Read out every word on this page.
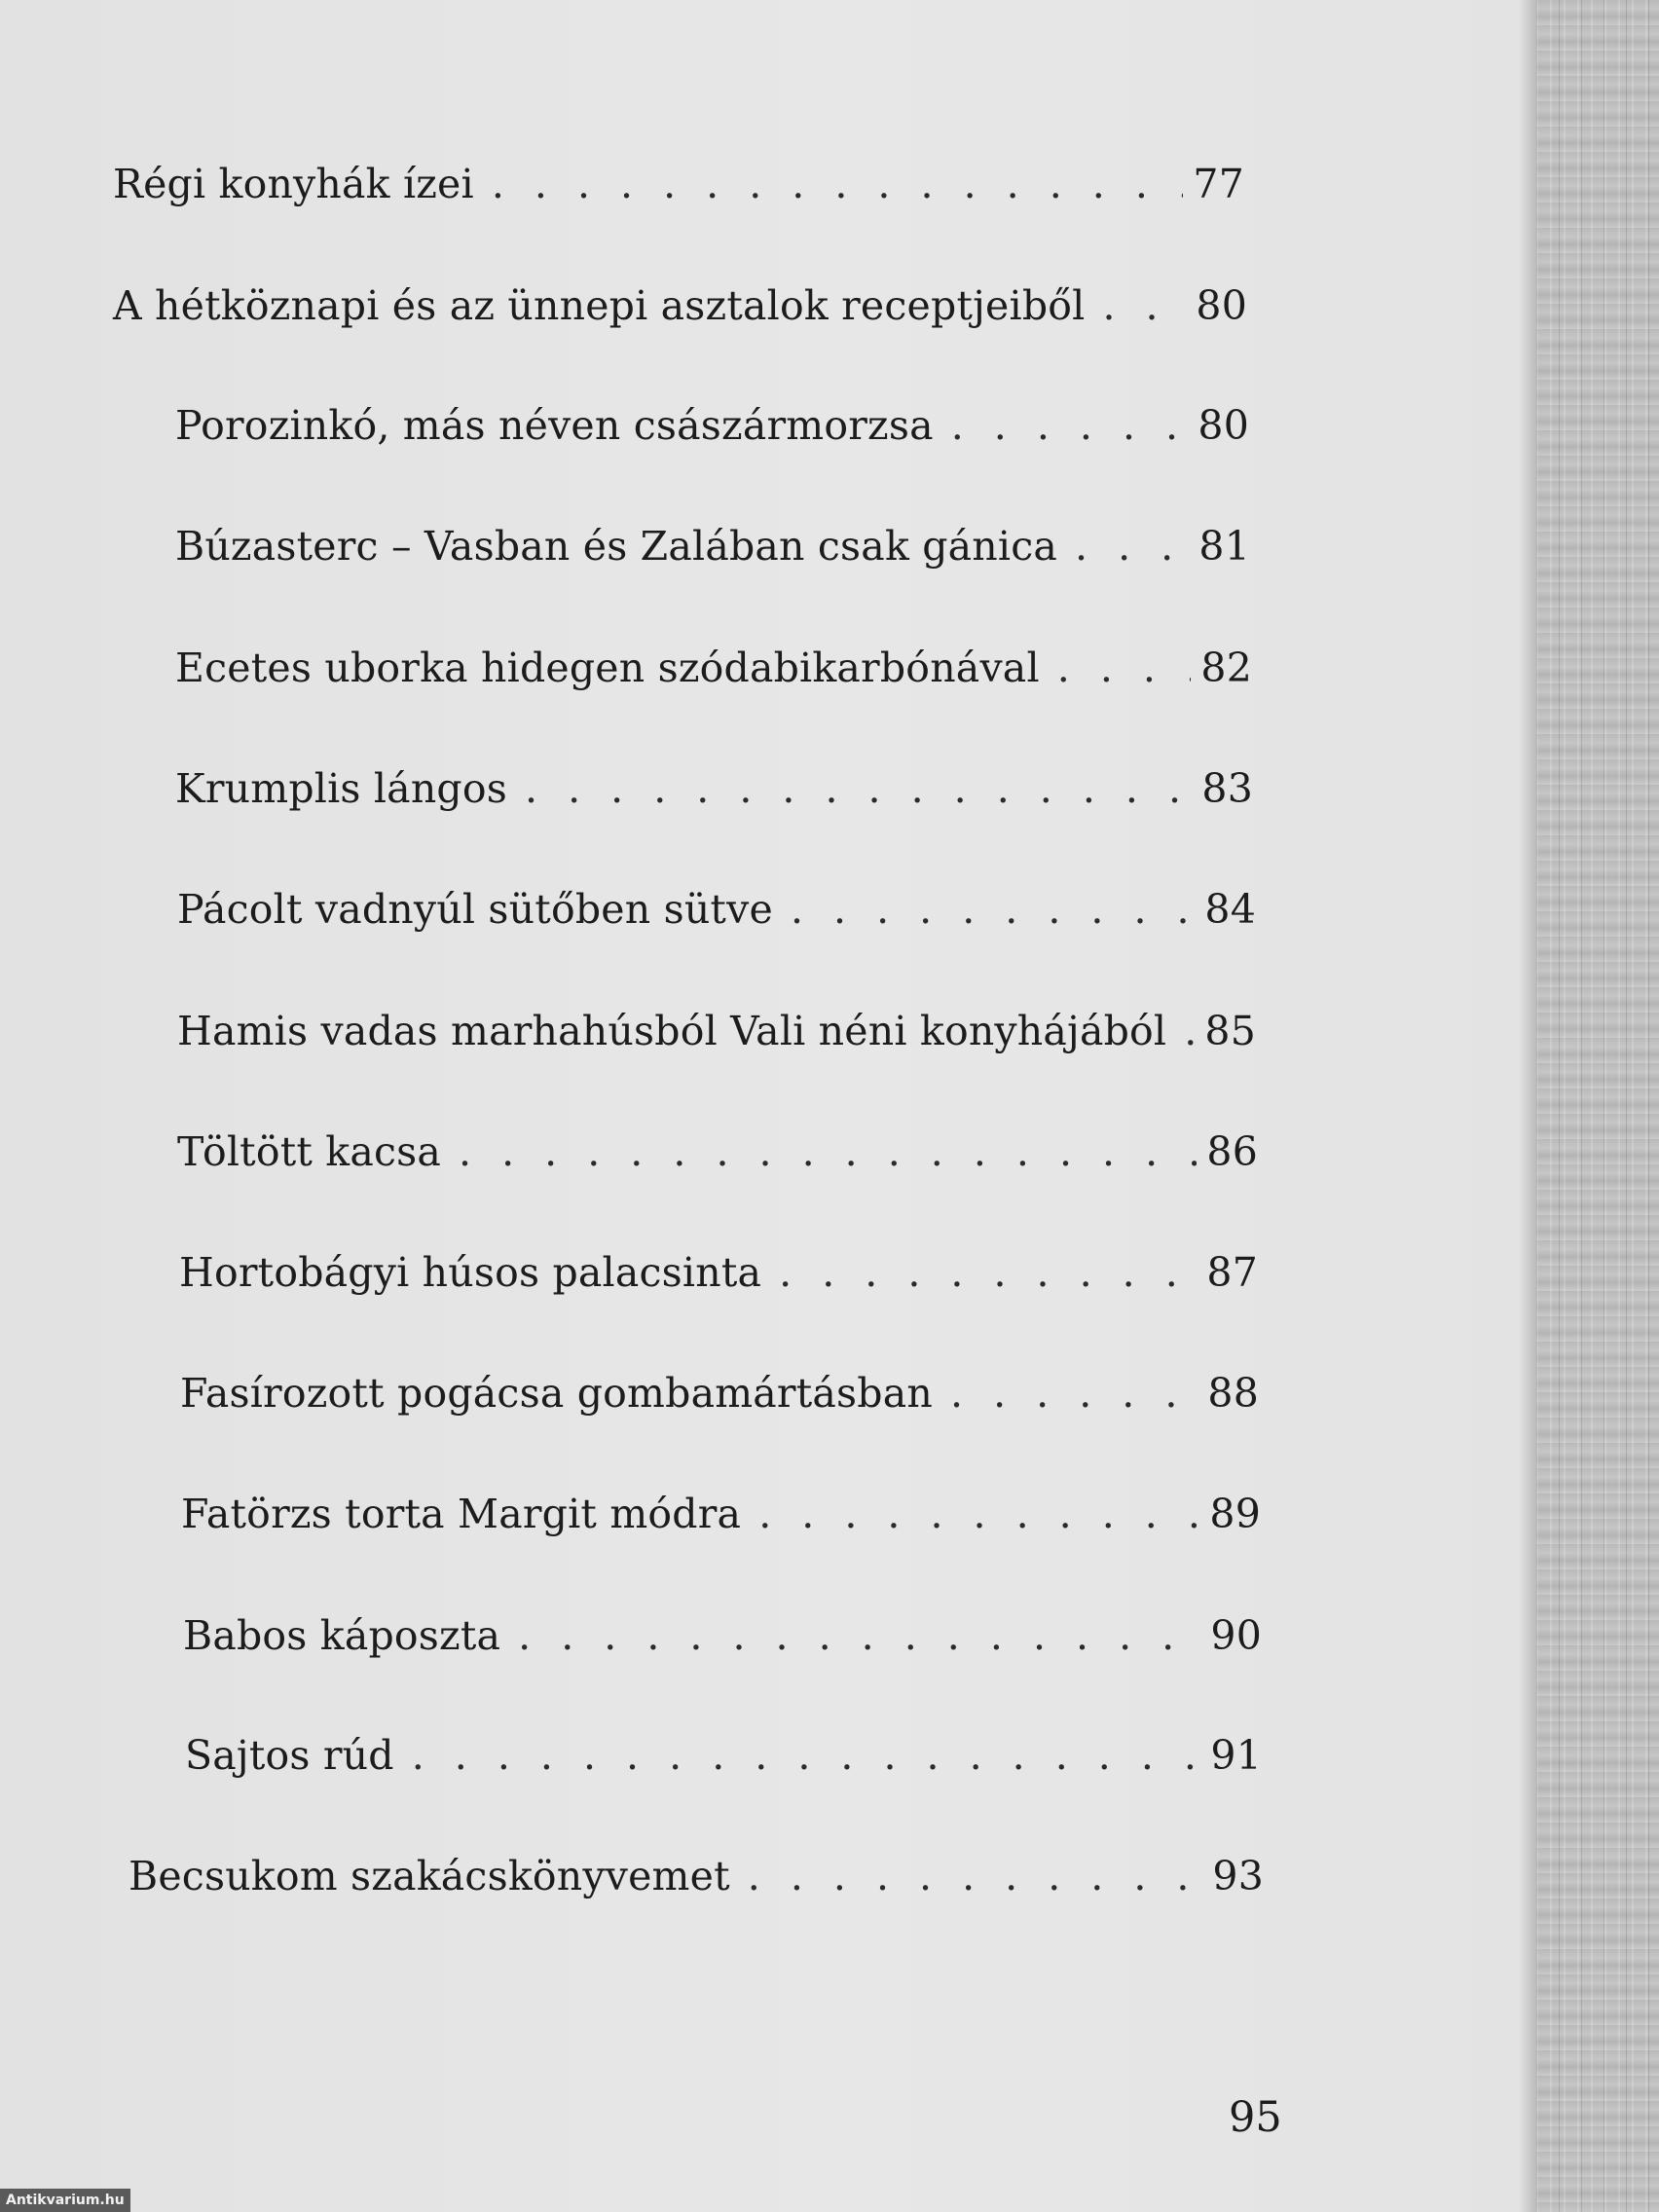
Régi konyhák ízei . . .	77
A hétköznapi és az ünnepi asztalok receptjeiből . . .	80
Porozinkó, más néven császármorzsa . . .	80
Búzasterc – Vasban és Zalában csak gánica . . .	81
Ecetes uborka hidegen szódabikarbónával . . .	82
Krumplis lángos . . .	83
Pácolt vadnyúl sütőben sütve . . .	84
Hamis vadas marhahúsból Vali néni konyhájából . . . 85
Töltött kacsa . . .	86
Hortobágyi húsos palacsinta . . .	87
Fasírozott pogácsa gombamártásban . . .	88
Fatörzs torta Margit módra . . .	89
Babos káposzta . . .	90
Sajtos rúd . . .	91
Becsukom szakácskönyvemet . . .	93
95
Antikvarium.hu
